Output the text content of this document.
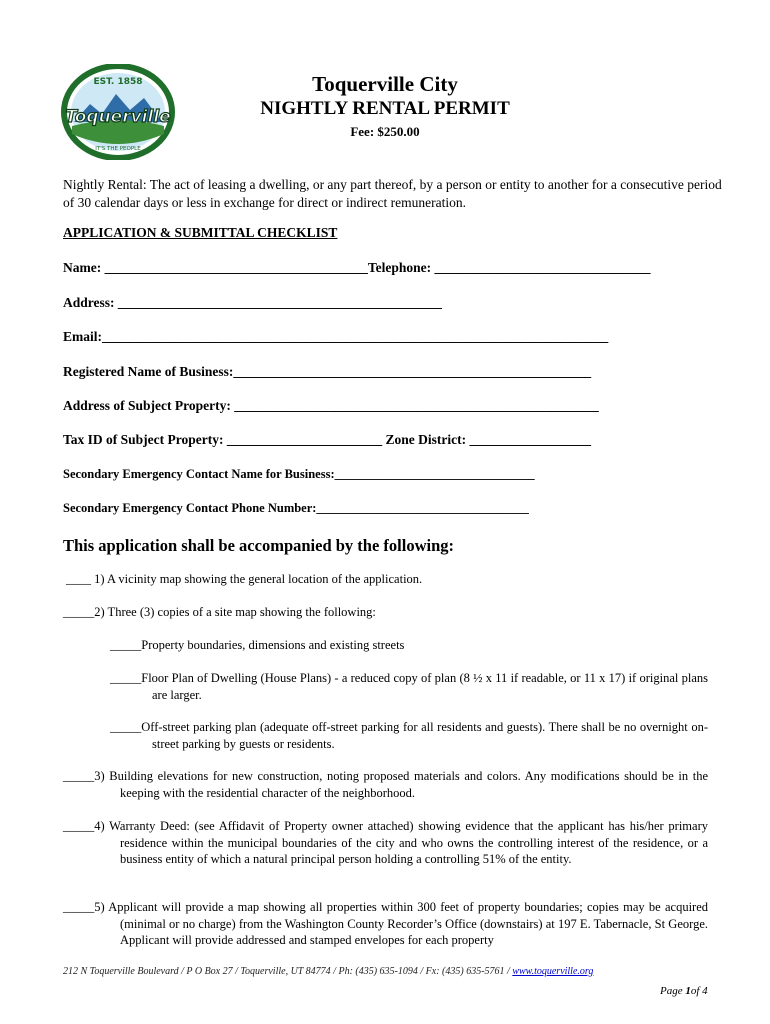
EST. 1858
Toquerville
IT'S THE PEOPLE
Toquerville City
NIGHTLY RENTAL PERMIT
Fee: $250.00
Nightly Rental: The act of leasing a dwelling, or any part thereof, by a person or entity to another for a consecutive period of 30 calendar days or less in exchange for direct or indirect remuneration.
APPLICATION & SUBMITTAL CHECKLIST
Name: _______________________________________Telephone: ________________________________
Address: ________________________________________________
Email:___________________________________________________________________________
Registered Name of Business:_____________________________________________________
Address of Subject Property: ______________________________________________________
Tax ID of Subject Property: _______________________ Zone District: __________________
Secondary Emergency Contact Name for Business:________________________________
Secondary Emergency Contact Phone Number:__________________________________
This application shall be accompanied by the following:
____ 1) A vicinity map showing the general location of the application.
_____2) Three (3) copies of a site map showing the following:
_____Property boundaries, dimensions and existing streets
_____Floor Plan of Dwelling (House Plans) - a reduced copy of plan (8 ½ x 11 if readable, or 11 x 17) if original plans are larger.
_____Off-street parking plan (adequate off-street parking for all residents and guests). There shall be no overnight on-street parking by guests or residents.
_____3) Building elevations for new construction, noting proposed materials and colors. Any modifications should be in the keeping with the residential character of the neighborhood.
_____4) Warranty Deed: (see Affidavit of Property owner attached) showing evidence that the applicant has his/her primary residence within the municipal boundaries of the city and who owns the controlling interest of the residence, or a business entity of which a natural principal person holding a controlling 51% of the entity.
_____5) Applicant will provide a map showing all properties within 300 feet of property boundaries; copies may be acquired (minimal or no charge) from the Washington County Recorder’s Office (downstairs) at 197 E. Tabernacle, St George. Applicant will provide addressed and stamped envelopes for each property
212 N Toquerville Boulevard / P O Box 27 / Toquerville, UT 84774 / Ph: (435) 635-1094 / Fx: (435) 635-5761 / www.toquerville.org
Page 1of 4
